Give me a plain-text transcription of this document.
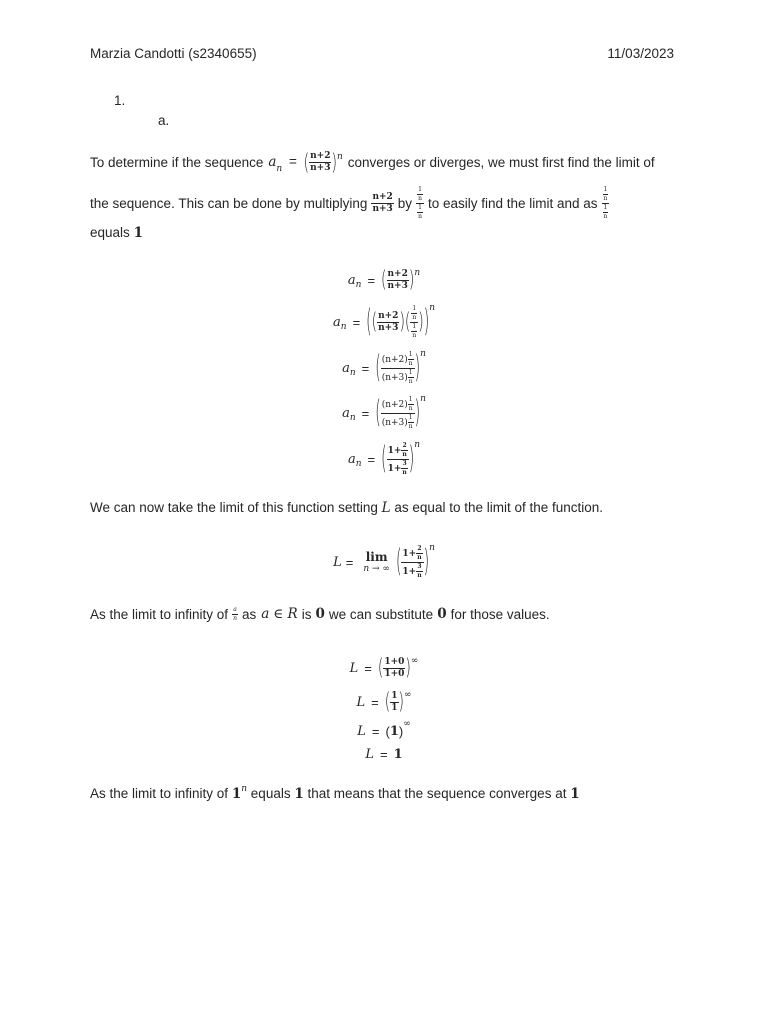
Marzia Candotti (s2340655)	11/03/2023
1.
a.
To determine if the sequence $a_n$ = ( $\frac{n+2}{n+3} )^n$ converges or diverges, we must first find the limit of
the sequence. This can be done by multiplying $\frac{n+2}{n+3}$ by $\frac{\frac{1}{n}}{\frac{1}{n}}$ to easily find the limit and as $\frac{\frac{1}{n}}{\frac{1}{n}}$
equals 1
a n = ( $\frac{n+2}{n+3}$ ) n
a n = ( ( $\frac{n+2}{n+3}$ ) ( $\frac{\frac{1}{n}}{\frac{1}{n}}$ ) ) n
a n = ( $\frac{(n+2) \frac{1}{n}}{(n+3) \frac{1}{n}}$ ) n
a n = ( $\frac{(n+2) \frac{1}{n}}{(n+3) \frac{1}{n}}$ ) n
a n = ( $\frac{1+ \frac{2}{n}}{1+ \frac{3}{n}}$ ) n
We can now take the limit of this function setting L as equal to the limit of the function.
L = lim
n → ∞ ( $\frac{1+ \frac{2}{n}}{1+ \frac{3}{n}}$ ) n
As the limit to infinity of $\frac{a}{n}$ as a ∈ R is 0 we can substitute 0 for those values.
L = ( $\frac{1+0}{1+0}$ ) ∞
L = ( $\frac{1}{1}$ ) ∞
L = ( 1 ) ∞
L = 1
As the limit to infinity of 1$^n$ equals 1 that means that the sequence converges at 1
